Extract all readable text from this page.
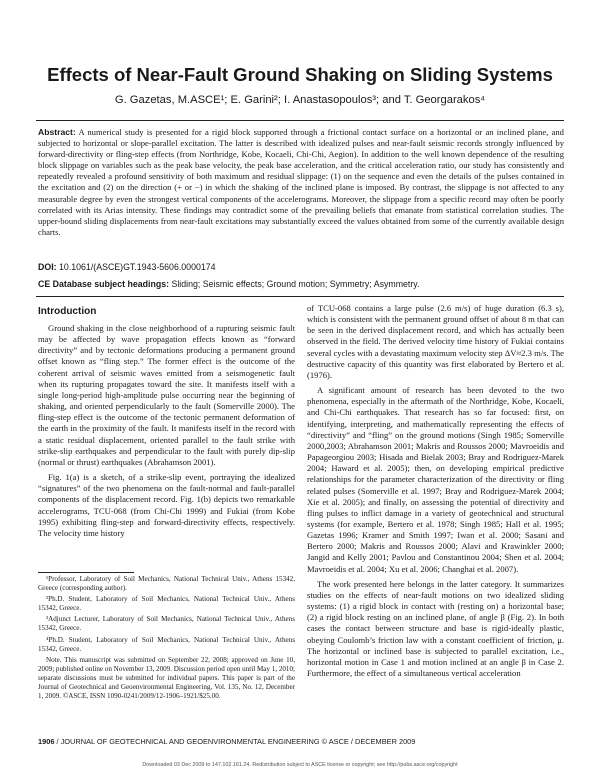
Effects of Near-Fault Ground Shaking on Sliding Systems
G. Gazetas, M.ASCE¹; E. Garini²; I. Anastasopoulos³; and T. Georgarakos⁴

Abstract: A numerical study is presented for a rigid block supported through a frictional contact surface on a horizontal or an inclined plane, and subjected to horizontal or slope-parallel excitation. The latter is described with idealized pulses and near-fault seismic records strongly influenced by forward-directivity or fling-step effects (from Northridge, Kobe, Kocaeli, Chi-Chi, Aegion). In addition to the well known dependence of the resulting block slippage on variables such as the peak base velocity, the peak base acceleration, and the critical acceleration ratio, our study has consistently and repeatedly revealed a profound sensitivity of both maximum and residual slippage: (1) on the sequence and even the details of the pulses contained in the excitation and (2) on the direction (+ or −) in which the shaking of the inclined plane is imposed. By contrast, the slippage is not affected to any measurable degree by even the strongest vertical components of the accelerograms. Moreover, the slippage from a specific record may often be poorly correlated with its Arias intensity. These findings may contradict some of the prevailing beliefs that emanate from statistical correlation studies. The upper-bound sliding displacements from near-fault excitations may substantially exceed the values obtained from some of the currently available design charts.

DOI: 10.1061/(ASCE)GT.1943-5606.0000174

CE Database subject headings: Sliding; Seismic effects; Ground motion; Symmetry; Asymmetry.

Introduction

Ground shaking in the close neighborhood of a rupturing seismic fault may be affected by wave propagation effects known as “forward directivity” and by tectonic deformations producing a permanent ground offset known as “fling step.” The former effect is the outcome of the coherent arrival of seismic waves emitted from a seismogenetic fault when its rupturing propagates toward the site. It manifests itself with a single long-period high-amplitude pulse occurring near the beginning of shaking, and oriented perpendicularly to the fault (Somerville 2000). The fling-step effect is the outcome of the tectonic permanent deformation of the earth in the proximity of the fault. It manifests itself in the record with a static residual displacement, oriented parallel to the fault strike with strike-slip earthquakes and perpendicular to the fault with purely dip-slip (normal or thrust) earthquakes (Abrahamson 2001).

Fig. 1(a) is a sketch, of a strike-slip event, portraying the idealized “signatures” of the two phenomena on the fault-normal and fault-parallel components of the displacement record. Fig. 1(b) depicts two remarkable accelerograms, TCU-068 (from Chi-Chi 1999) and Fukiai (from Kobe 1995) exhibiting fling-step and forward-directivity effects, respectively. The velocity time history

¹Professor, Laboratory of Soil Mechanics, National Technical Univ., Athens 15342, Greece (corresponding author).

²Ph.D. Student, Laboratory of Soil Mechanics, National Technical Univ., Athens 15342, Greece.

³Adjunct Lecturer, Laboratory of Soil Mechanics, National Technical Univ., Athens 15342, Greece.

⁴Ph.D. Student, Laboratory of Soil Mechanics, National Technical Univ., Athens 15342, Greece.

Note. This manuscript was submitted on September 22, 2008; approved on June 10, 2009; published online on November 13, 2009. Discussion period open until May 1, 2010; separate discussions must be submitted for individual papers. This paper is part of the Journal of Geotechnical and Geoenvironmental Engineering, Vol. 135, No. 12, December 1, 2009. ©ASCE, ISSN 1090-0241/2009/12-1906–1921/$25.00.

of TCU-068 contains a large pulse (2.6 m/s) of huge duration (6.3 s), which is consistent with the permanent ground offset of about 8 m that can be seen in the derived displacement record, and which has actually been observed in the field. The derived velocity time history of Fukiai contains several cycles with a devastating maximum velocity step ΔV≈2.3 m/s. The destructive capacity of this quantity was first elaborated by Bertero et al. (1976).

A significant amount of research has been devoted to the two phenomena, especially in the aftermath of the Northridge, Kobe, Kocaeli, and Chi-Chi earthquakes. That research has so far focused: first, on identifying, interpreting, and mathematically representing the effects of “directivity” and “fling” on the ground motions (Singh 1985; Somerville 2000,2003; Abrahamson 2001; Makris and Roussos 2000; Mavroeidis and Papageorgiou 2003; Hisada and Bielak 2003; Bray and Rodriguez-Marek 2004; Haward et al. 2005); then, on developing empirical predictive relationships for the parameter characterization of the directivity or fling related pulses (Somerville et al. 1997; Bray and Rodriguez-Marek 2004; Xie et al. 2005); and finally, on assessing the potential of directivity and fling pulses to inflict damage in a variety of geotechnical and structural systems (for example, Bertero et al. 1978; Singh 1985; Hall et al. 1995; Gazetas 1996; Kramer and Smith 1997; Iwan et al. 2000; Sasani and Bertero 2000; Makris and Roussos 2000; Alavi and Krawinkler 2000; Jangid and Kelly 2001; Pavlou and Constantinou 2004; Shen et al. 2004; Mavroeidis et al. 2004; Xu et al. 2006; Changhai et al. 2007).

The work presented here belongs in the latter category. It summarizes studies on the effects of near-fault motions on two idealized sliding systems: (1) a rigid block in contact with (resting on) a horizontal base; (2) a rigid block resting on an inclined plane, of angle β (Fig. 2). In both cases the contact between structure and base is rigid-ideally plastic, obeying Coulomb’s friction law with a constant coefficient of friction, μ. The horizontal or inclined base is subjected to parallel excitation, i.e., horizontal motion in Case 1 and motion inclined at an angle β in Case 2. Furthermore, the effect of a simultaneous vertical acceleration

1906 / JOURNAL OF GEOTECHNICAL AND GEOENVIRONMENTAL ENGINEERING © ASCE / DECEMBER 2009
Downloaded 03 Dec 2009 to 147.102.161.24. Redistribution subject to ASCE license or copyright; see http://pubs.asce.org/copyright
